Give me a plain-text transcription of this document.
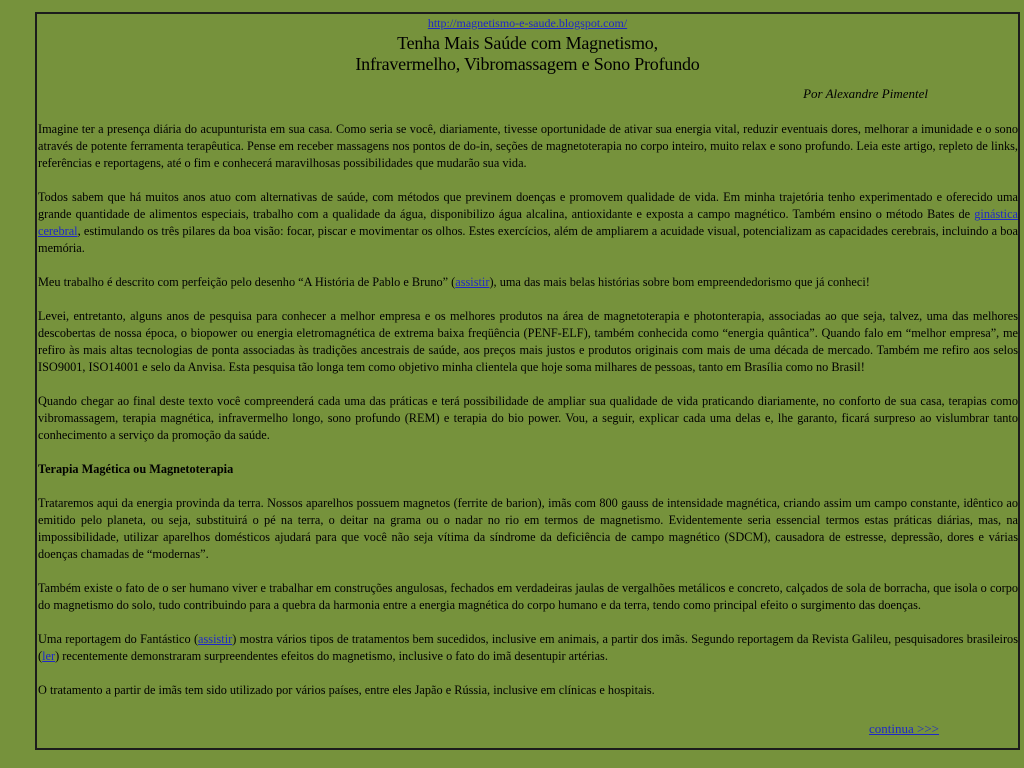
http://magnetismo-e-saude.blogspot.com/
Tenha Mais Saúde com Magnetismo,
Infravermelho, Vibromassagem e Sono Profundo
Por Alexandre Pimentel

Imagine ter a presença diária do acupunturista em sua casa. Como seria se você, diariamente, tivesse oportunidade de ativar sua energia vital, reduzir eventuais dores, melhorar a imunidade e o sono através de potente ferramenta terapêutica. Pense em receber massagens nos pontos de do-in, seções de magnetoterapia no corpo inteiro, muito relax e sono profundo. Leia este artigo, repleto de links, referências e reportagens, até o fim e conhecerá maravilhosas possibilidades que mudarão sua vida.

Todos sabem que há muitos anos atuo com alternativas de saúde, com métodos que previnem doenças e promovem qualidade de vida. Em minha trajetória tenho experimentado e oferecido uma grande quantidade de alimentos especiais, trabalho com a qualidade da água, disponibilizo água alcalina, antioxidante e exposta a campo magnético. Também ensino o método Bates de ginástica cerebral, estimulando os três pilares da boa visão: focar, piscar e movimentar os olhos. Estes exercícios, além de ampliarem a acuidade visual, potencializam as capacidades cerebrais, incluindo a boa memória.

Meu trabalho é descrito com perfeição pelo desenho “A História de Pablo e Bruno” (assistir), uma das mais belas histórias sobre bom empreendedorismo que já conheci!

Levei, entretanto, alguns anos de pesquisa para conhecer a melhor empresa e os melhores produtos na área de magnetoterapia e photonterapia, associadas ao que seja, talvez, uma das melhores descobertas de nossa época, o biopower ou energia eletromagnética de extrema baixa freqüência (PENF-ELF), também conhecida como “energia quântica”. Quando falo em “melhor empresa”, me refiro às mais altas tecnologias de ponta associadas às tradições ancestrais de saúde, aos preços mais justos e produtos originais com mais de uma década de mercado. Também me refiro aos selos ISO9001, ISO14001 e selo da Anvisa. Esta pesquisa tão longa tem como objetivo minha clientela que hoje soma milhares de pessoas, tanto em Brasília como no Brasil!

Quando chegar ao final deste texto você compreenderá cada uma das práticas e terá possibilidade de ampliar sua qualidade de vida praticando diariamente, no conforto de sua casa, terapias como vibromassagem, terapia magnética, infravermelho longo, sono profundo (REM) e terapia do bio power. Vou, a seguir, explicar cada uma delas e, lhe garanto, ficará surpreso ao vislumbrar tanto conhecimento a serviço da promoção da saúde.

Terapia Magética ou Magnetoterapia

Trataremos aqui da energia provinda da terra. Nossos aparelhos possuem magnetos (ferrite de barion), imãs com 800 gauss de intensidade magnética, criando assim um campo constante, idêntico ao emitido pelo planeta, ou seja, substituirá o pé na terra, o deitar na grama ou o nadar no rio em termos de magnetismo. Evidentemente seria essencial termos estas práticas diárias, mas, na impossibilidade, utilizar aparelhos domésticos ajudará para que você não seja vítima da síndrome da deficiência de campo magnético (SDCM), causadora de estresse, depressão, dores e várias doenças chamadas de “modernas”.

Também existe o fato de o ser humano viver e trabalhar em construções angulosas, fechados em verdadeiras jaulas de vergalhões metálicos e concreto, calçados de sola de borracha, que isola o corpo do magnetismo do solo, tudo contribuindo para a quebra da harmonia entre a energia magnética do corpo humano e da terra, tendo como principal efeito o surgimento das doenças.

Uma reportagem do Fantástico (assistir) mostra vários tipos de tratamentos bem sucedidos, inclusive em animais, a partir dos imãs. Segundo reportagem da Revista Galileu, pesquisadores brasileiros (ler) recentemente demonstraram surpreendentes efeitos do magnetismo, inclusive o fato do imã desentupir artérias.

O tratamento a partir de imãs tem sido utilizado por vários países, entre eles Japão e Rússia, inclusive em clínicas e hospitais.

continua >>>
